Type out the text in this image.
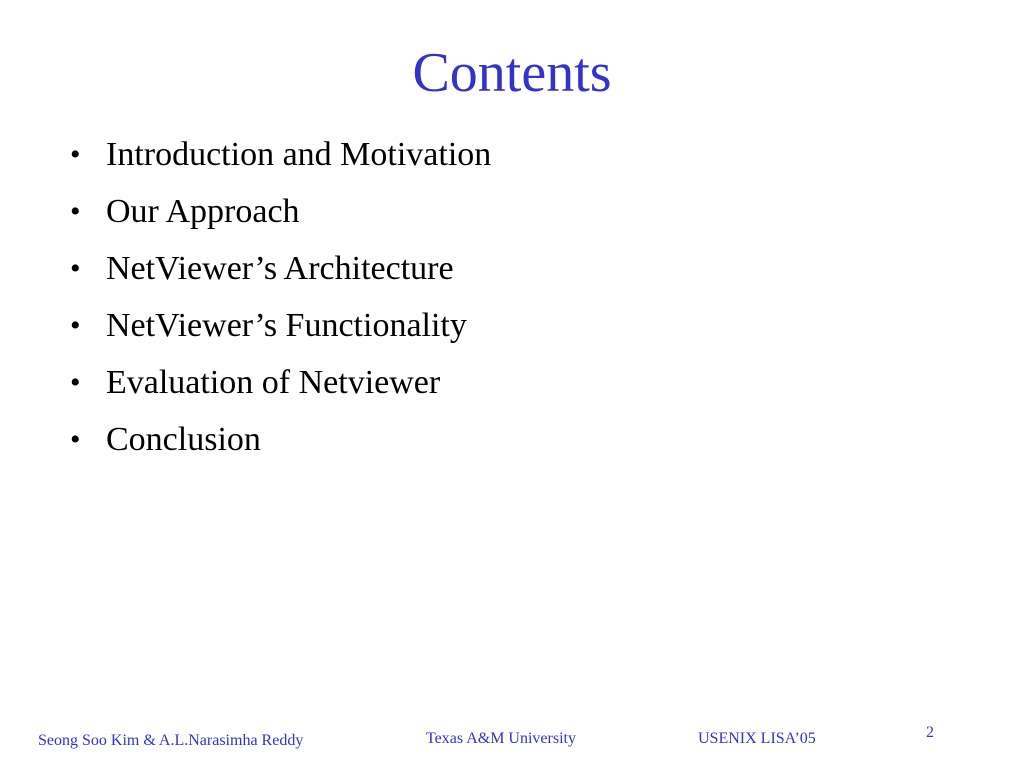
Contents
• Introduction and Motivation
• Our Approach
• NetViewer’s Architecture
• NetViewer’s Functionality
• Evaluation of Netviewer
• Conclusion
Seong Soo Kim & A.L.Narasimha Reddy	Texas A&M University	USENIX LISA’05	2
